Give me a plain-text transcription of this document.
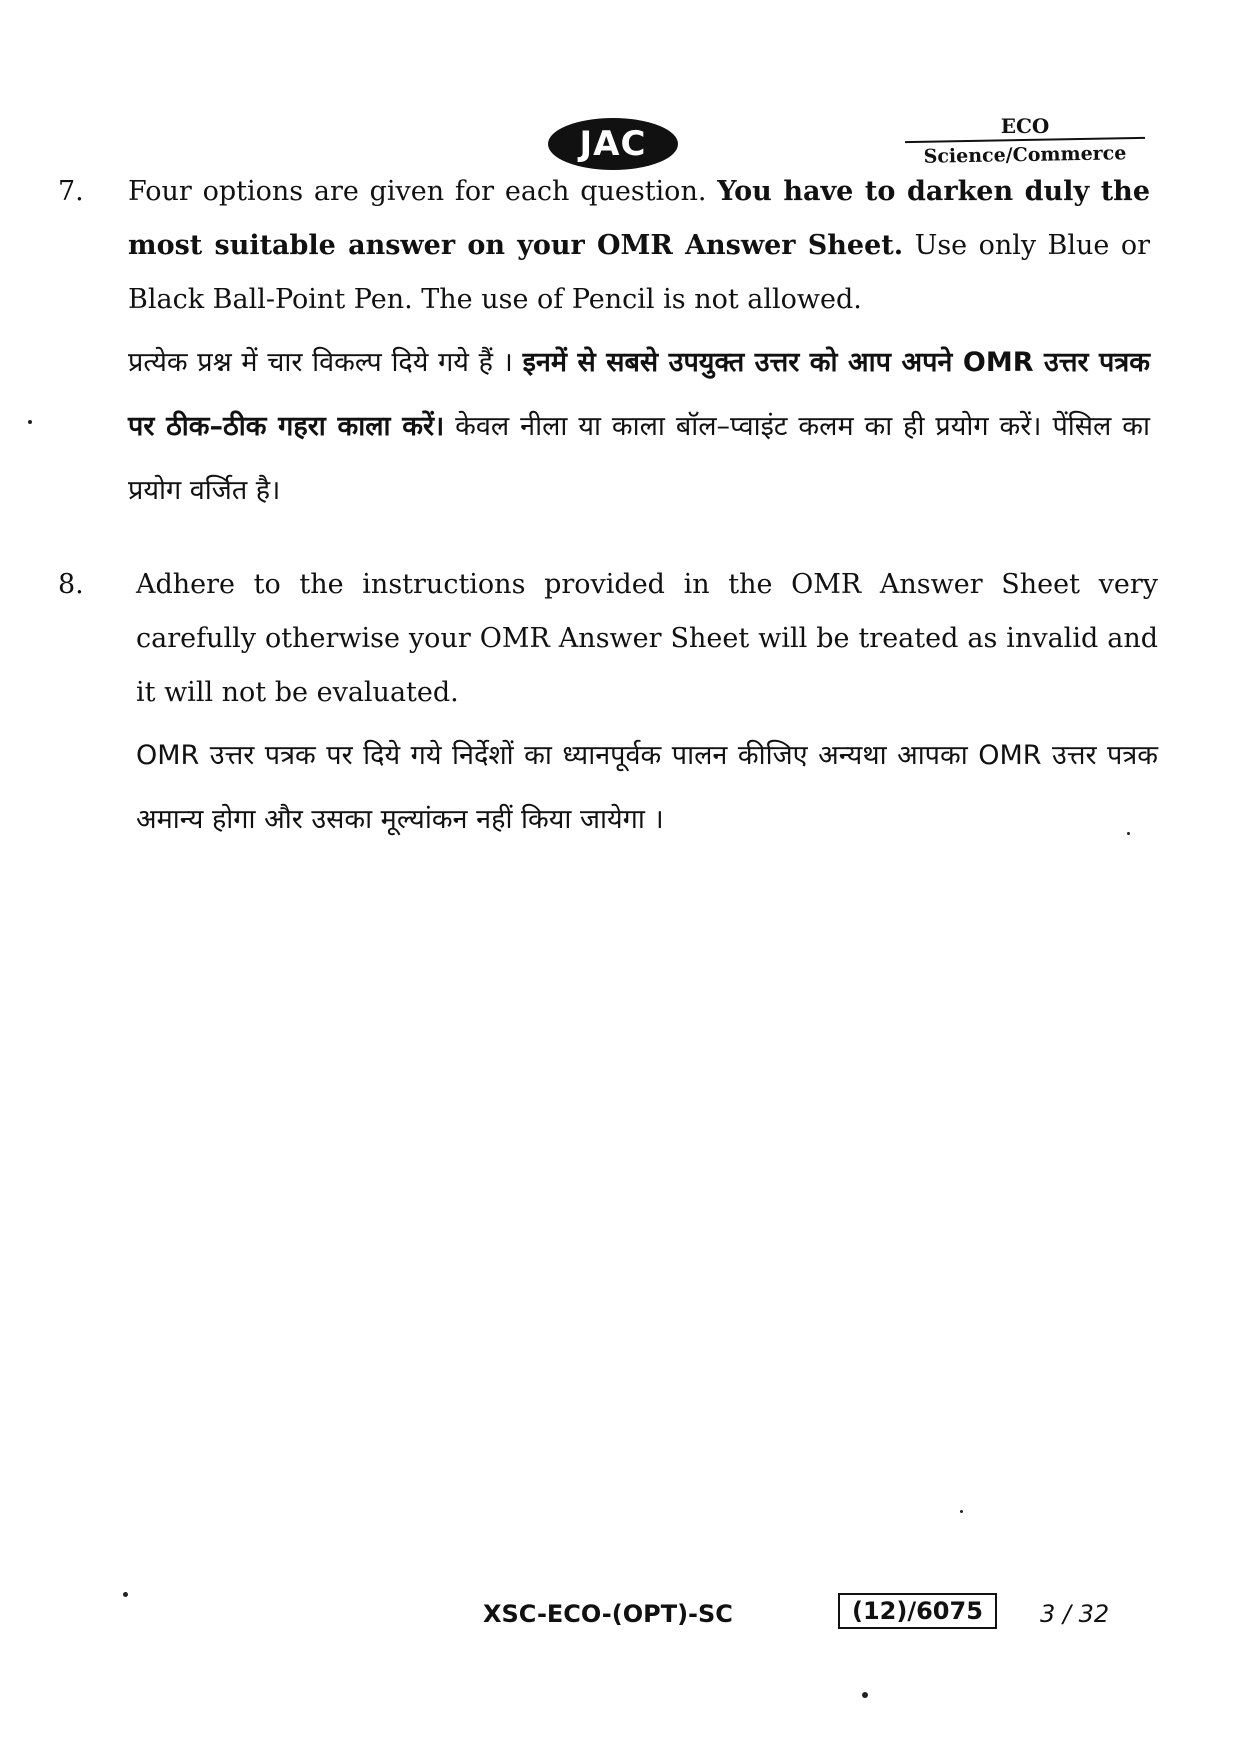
JAC	ECO
Science/Commerce
7. Four options are given for each question. You have to darken duly the most suitable answer on your OMR Answer Sheet. Use only Blue or Black Ball-Point Pen. The use of Pencil is not allowed.

प्रत्येक प्रश्न में चार विकल्प दिये गये हैं । इनमें से सबसे उपयुक्त उत्तर को आप अपने OMR उत्तर पत्रक पर ठीक–ठीक गहरा काला करें। केवल नीला या काला बॉल–प्वाइंट कलम का ही प्रयोग करें। पेंसिल का प्रयोग वर्जित है।

8. Adhere to the instructions provided in the OMR Answer Sheet very carefully otherwise your OMR Answer Sheet will be treated as invalid and it will not be evaluated.

OMR उत्तर पत्रक पर दिये गये निर्देशों का ध्यानपूर्वक पालन कीजिए अन्यथा आपका OMR उत्तर पत्रक अमान्य होगा और उसका मूल्यांकन नहीं किया जायेगा ।

XSC-ECO-(OPT)-SC	(12)/6075	3 / 32
